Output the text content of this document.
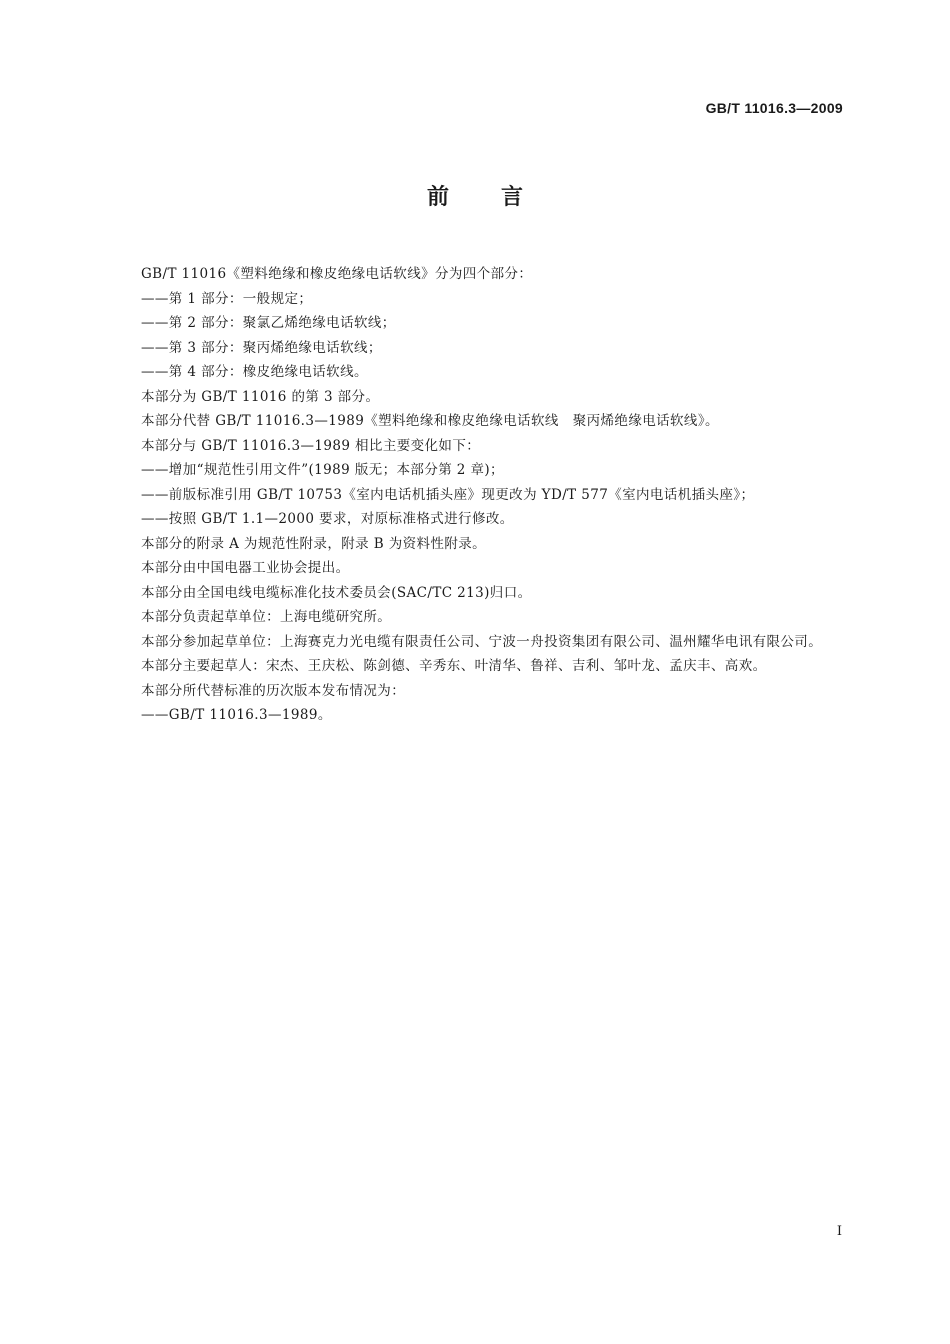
GB/T 11016.3—2009
前言

GB/T 11016《塑料绝缘和橡皮绝缘电话软线》分为四个部分：

——第 1 部分：一般规定；

——第 2 部分：聚氯乙烯绝缘电话软线；

——第 3 部分：聚丙烯绝缘电话软线；

——第 4 部分：橡皮绝缘电话软线。

本部分为 GB/T 11016 的第 3 部分。

本部分代替 GB/T 11016.3—1989《塑料绝缘和橡皮绝缘电话软线　聚丙烯绝缘电话软线》。

本部分与 GB/T 11016.3—1989 相比主要变化如下：

——增加“规范性引用文件”(1989 版无；本部分第 2 章)；

——前版标准引用 GB/T 10753《室内电话机插头座》现更改为 YD/T 577《室内电话机插头座》；

——按照 GB/T 1.1—2000 要求，对原标准格式进行修改。

本部分的附录 A 为规范性附录，附录 B 为资料性附录。

本部分由中国电器工业协会提出。

本部分由全国电线电缆标准化技术委员会(SAC/TC 213)归口。

本部分负责起草单位：上海电缆研究所。

本部分参加起草单位：上海赛克力光电缆有限责任公司、宁波一舟投资集团有限公司、温州耀华电讯有限公司。

本部分主要起草人：宋杰、王庆松、陈剑德、辛秀东、叶清华、鲁祥、吉利、邹叶龙、孟庆丰、高欢。

本部分所代替标准的历次版本发布情况为：

——GB/T 11016.3—1989。

I
